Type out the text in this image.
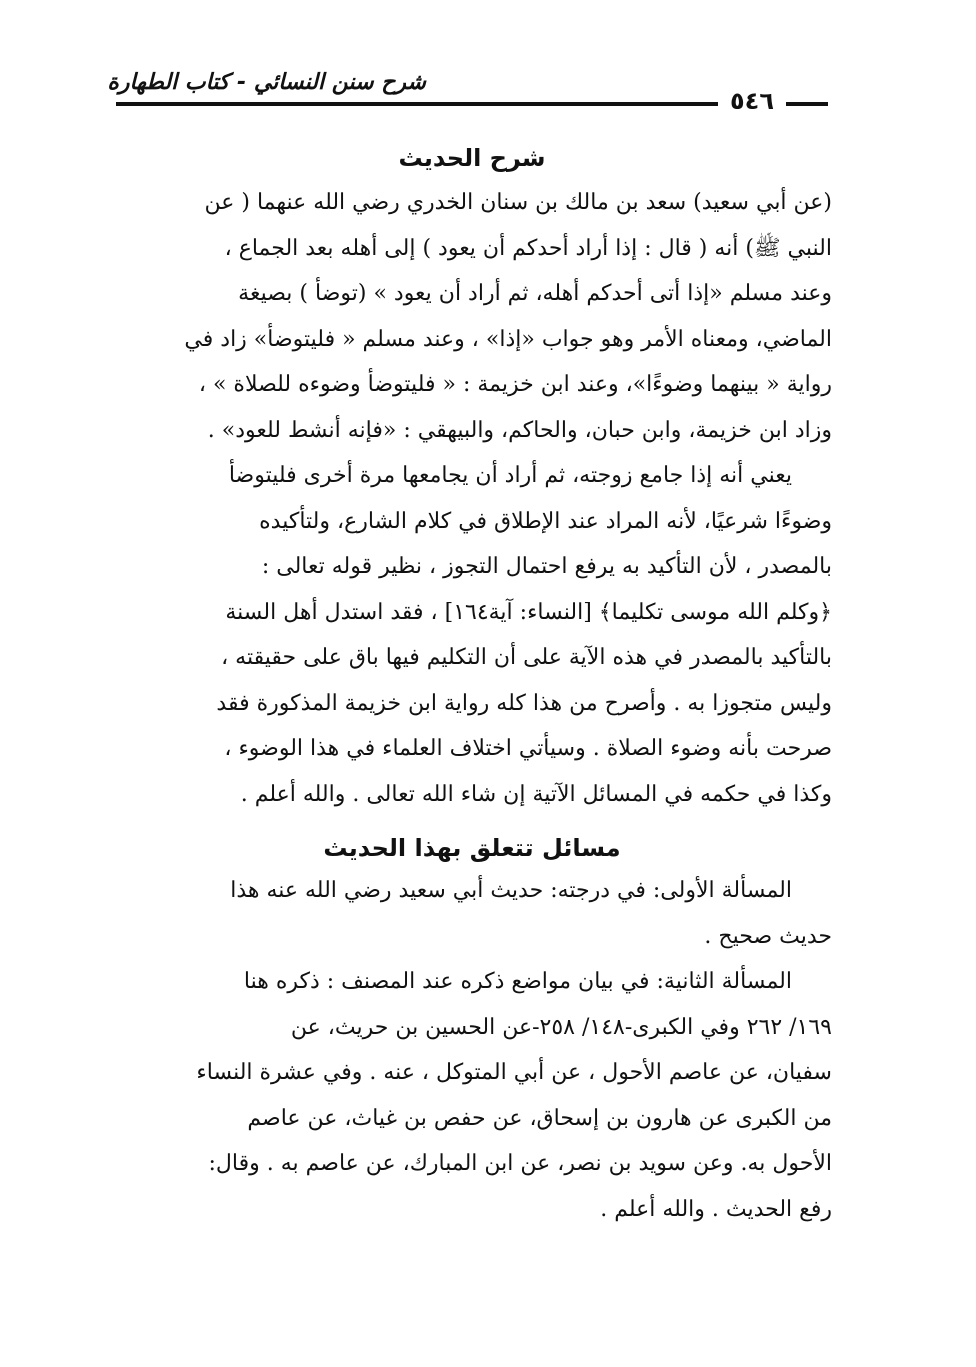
شرح سنن النسائي - كتاب الطهارة
٥٤٦
شرح الحديث

(عن أبي سعيد) سعد بن مالك بن سنان الخدري رضي الله عنهما ( عن

النبي ﷺ) أنه ( قال : إذا أراد أحدكم أن يعود ) إلى أهله بعد الجماع ،

وعند مسلم «إذا أتى أحدكم أهله، ثم أراد أن يعود » (توضأ ) بصيغة

الماضي، ومعناه الأمر وهو جواب «إذا» ، وعند مسلم « فليتوضأ» زاد في

رواية « بينهما وضوءًا»، وعند ابن خزيمة : « فليتوضأ وضوءه للصلاة » ،

وزاد ابن خزيمة، وابن حبان، والحاكم، والبيهقي : «فإنه أنشط للعود» .

يعني أنه إذا جامع زوجته، ثم أراد أن يجامعها مرة أخرى فليتوضأ

وضوءًا شرعيًا، لأنه المراد عند الإطلاق في كلام الشارع، ولتأكيده

بالمصدر ، لأن التأكيد به يرفع احتمال التجوز ، نظير قوله تعالى :

﴿وكلم الله موسى تكليما﴾ [النساء: آية١٦٤] ، فقد استدل أهل السنة

بالتأكيد بالمصدر في هذه الآية على أن التكليم فيها باق على حقيقته ،

وليس متجوزا به . وأصرح من هذا كله رواية ابن خزيمة المذكورة فقد

صرحت بأنه وضوء الصلاة . وسيأتي اختلاف العلماء في هذا الوضوء ،

وكذا في حكمه في المسائل الآتية إن شاء الله تعالى . والله أعلم .

مسائل تتعلق بهذا الحديث

المسألة الأولى: في درجته: حديث أبي سعيد رضي الله عنه هذا

حديث صحيح .

المسألة الثانية: في بيان مواضع ذكره عند المصنف : ذكره هنا

١٦٩/ ٢٦٢ وفي الكبرى-١٤٨/ ٢٥٨-عن الحسين بن حريث، عن

سفيان، عن عاصم الأحول ، عن أبي المتوكل ، عنه . وفي عشرة النساء

من الكبرى عن هارون بن إسحاق، عن حفص بن غياث، عن عاصم

الأحول به. وعن سويد بن نصر، عن ابن المبارك، عن عاصم به . وقال:

رفع الحديث . والله أعلم .
